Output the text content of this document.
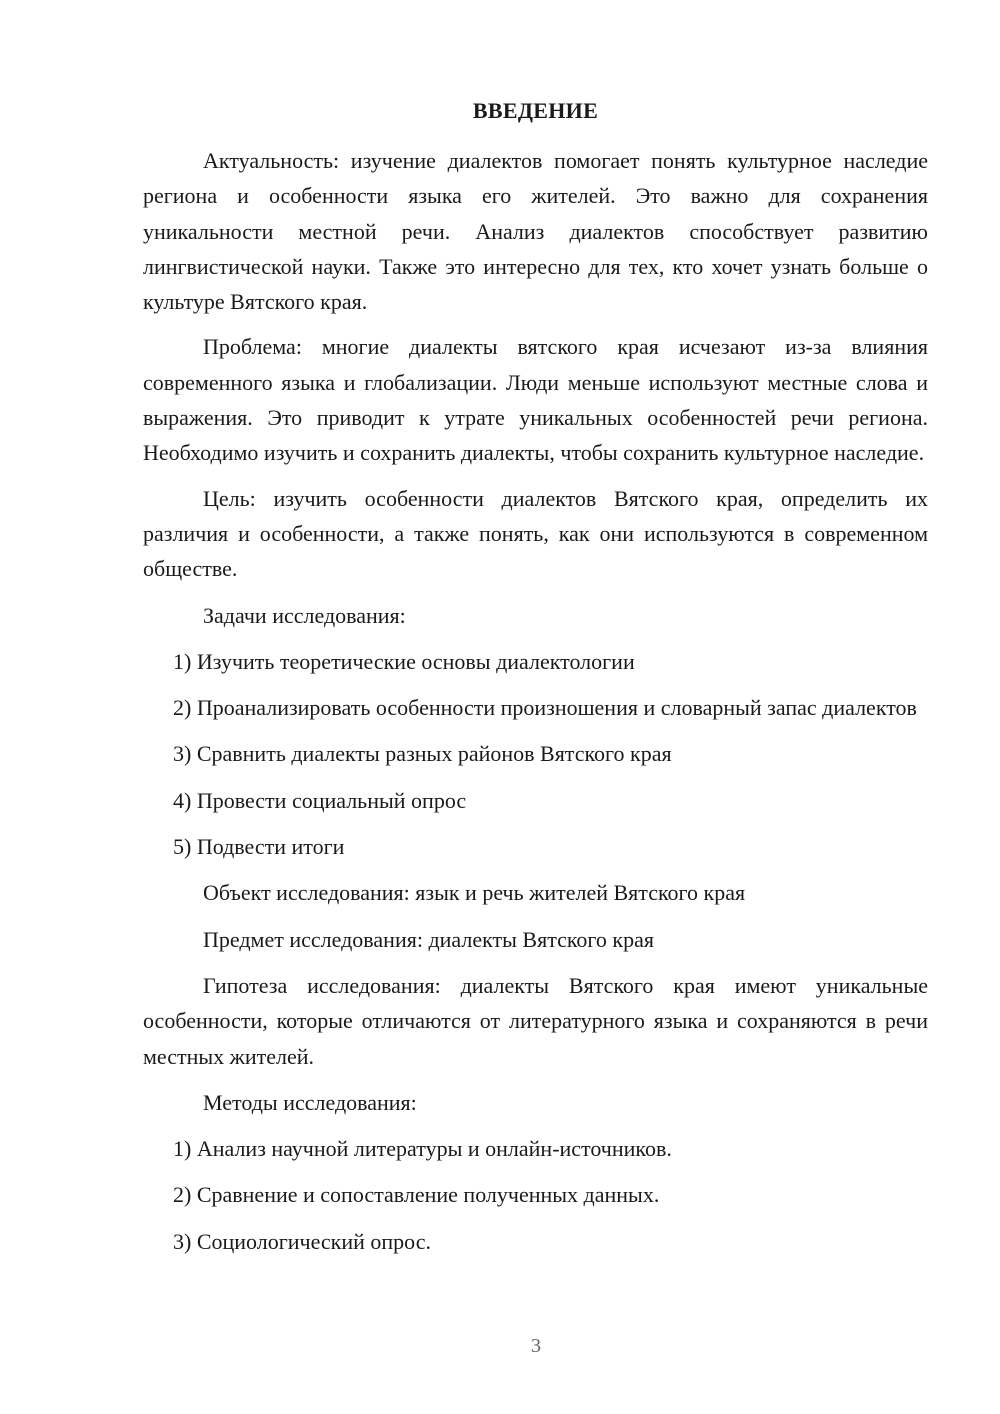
ВВЕДЕНИЕ

Актуальность: изучение диалектов помогает понять культурное наследие региона и особенности языка его жителей. Это важно для сохранения уникальности местной речи. Анализ диалектов способствует развитию лингвистической науки. Также это интересно для тех, кто хочет узнать больше о культуре Вятского края.

Проблема: многие диалекты вятского края исчезают из-за влияния современного языка и глобализации. Люди меньше используют местные слова и выражения. Это приводит к утрате уникальных особенностей речи региона. Необходимо изучить и сохранить диалекты, чтобы сохранить культурное наследие.

Цель: изучить особенности диалектов Вятского края, определить их различия и особенности, а также понять, как они используются в современном обществе.

Задачи исследования:

1) Изучить теоретические основы диалектологии

2) Проанализировать особенности произношения и словарный запас диалектов

3) Сравнить диалекты разных районов Вятского края

4) Провести социальный опрос

5) Подвести итоги

Объект исследования: язык и речь жителей Вятского края

Предмет исследования: диалекты Вятского края

Гипотеза исследования: диалекты Вятского края имеют уникальные особенности, которые отличаются от литературного языка и сохраняются в речи местных жителей.

Методы исследования:

1) Анализ научной литературы и онлайн-источников.

2) Сравнение и сопоставление полученных данных.

3) Социологический опрос.

3
